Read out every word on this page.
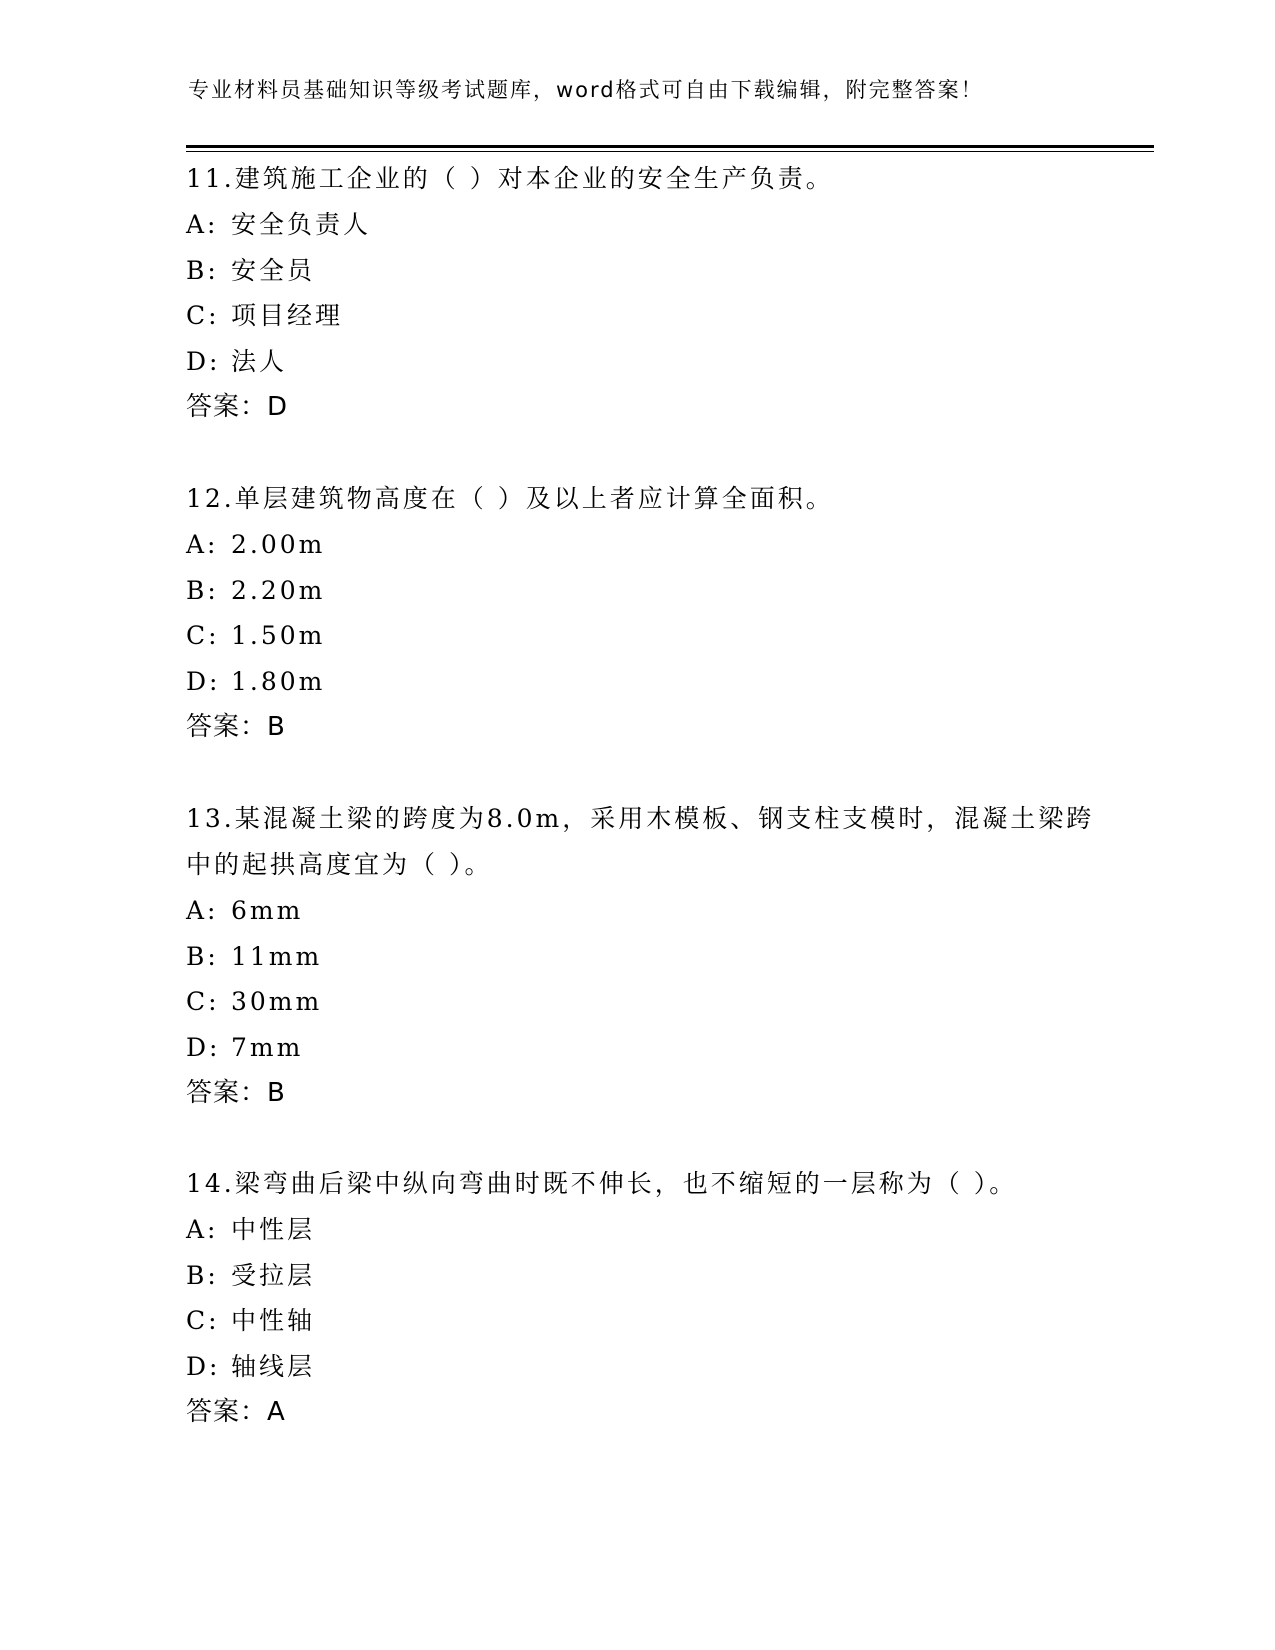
专业材料员基础知识等级考试题库，word格式可自由下载编辑，附完整答案！

11.建筑施工企业的（ ）对本企业的安全生产负责。

A: 安全负责人

B: 安全员

C: 项目经理

D: 法人

答案：D

12.单层建筑物高度在（ ）及以上者应计算全面积。

A: 2.00m

B: 2.20m

C: 1.50m

D: 1.80m

答案：B

13.某混凝土梁的跨度为8.0m，采用木模板、钢支柱支模时，混凝土梁跨中的起拱高度宜为（ ）。

A: 6mm

B: 11mm

C: 30mm

D: 7mm

答案：B

14.梁弯曲后梁中纵向弯曲时既不伸长，也不缩短的一层称为（ ）。

A: 中性层

B: 受拉层

C: 中性轴

D: 轴线层

答案：A
